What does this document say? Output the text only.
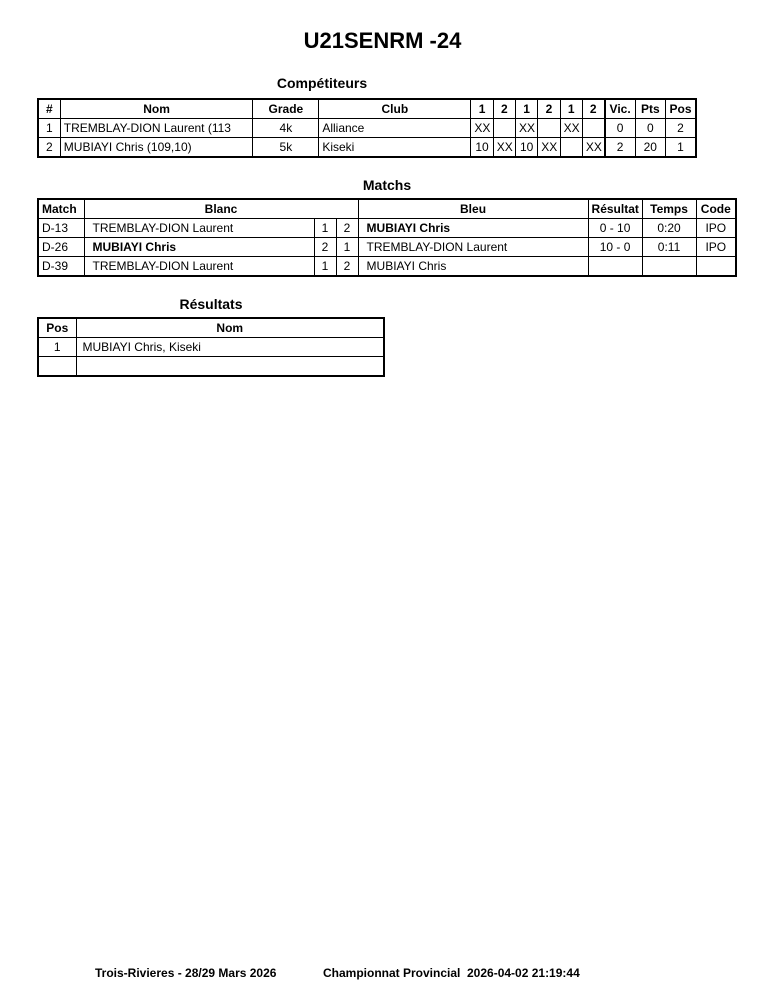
U21SENRM -24
Compétiteurs
#	Nom	Grade	Club	1	2	1	2	1	2	Vic.	Pts	Pos
1	TREMBLAY-DION Laurent (113	4k	Alliance	XX		XX		XX		0	0	2
2	MUBIAYI Chris (109,10)	5k	Kiseki	10	XX	10	XX		XX	2	20	1
Matchs
Match	Blanc			Bleu	Résultat	Temps	Code
D-13	TREMBLAY-DION Laurent	1	2	MUBIAYI Chris	0 - 10	0:20	IPO
D-26	MUBIAYI Chris	2	1	TREMBLAY-DION Laurent	10 - 0	0:11	IPO
D-39	TREMBLAY-DION Laurent	1	2	MUBIAYI Chris			
Résultats
Pos	Nom
1	MUBIAYI Chris, Kiseki

Trois-Rivieres - 28/29 Mars 2026	Championnat Provincial 2026-04-02 21:19:44
